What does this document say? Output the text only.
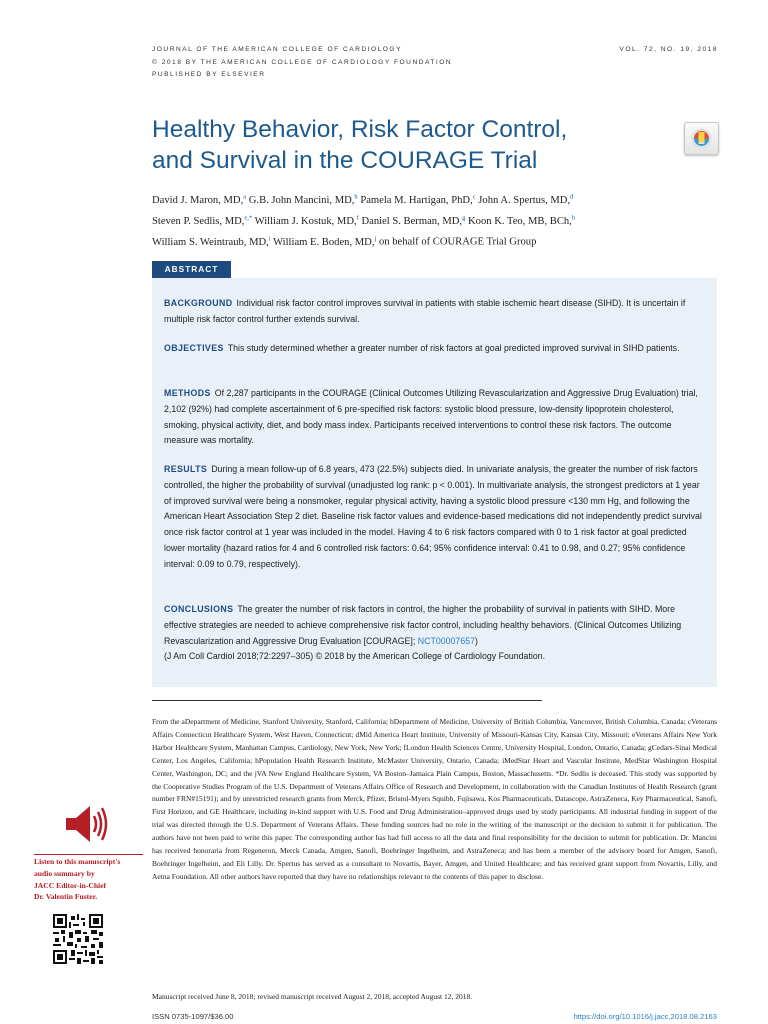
JOURNAL OF THE AMERICAN COLLEGE OF CARDIOLOGY	VOL. 72, NO. 19, 2018
© 2018 BY THE AMERICAN COLLEGE OF CARDIOLOGY FOUNDATION
PUBLISHED BY ELSEVIER
Healthy Behavior, Risk Factor Control,
and Survival in the COURAGE Trial
David J. Maron, MD,$^a$ G.B. John Mancini, MD,$^b$ Pamela M. Hartigan, PhD,$^c$ John A. Spertus, MD,$^d$
Steven P. Sedlis, MD,$^{e,*}$ William J. Kostuk, MD,$^f$ Daniel S. Berman, MD,$^g$ Koon K. Teo, MB, BCh,$^h$
William S. Weintraub, MD,$^i$ William E. Boden, MD,$^j$ on behalf of COURAGE Trial Group
ABSTRACT

BACKGROUND Individual risk factor control improves survival in patients with stable ischemic heart disease (SIHD). It is uncertain if multiple risk factor control further extends survival.

OBJECTIVES This study determined whether a greater number of risk factors at goal predicted improved survival in SIHD patients.

METHODS Of 2,287 participants in the COURAGE (Clinical Outcomes Utilizing Revascularization and Aggressive Drug Evaluation) trial, 2,102 (92%) had complete ascertainment of 6 pre-specified risk factors: systolic blood pressure, low-density lipoprotein cholesterol, smoking, physical activity, diet, and body mass index. Participants received interventions to control these risk factors. The outcome measure was mortality.

RESULTS During a mean follow-up of 6.8 years, 473 (22.5%) subjects died. In univariate analysis, the greater the number of risk factors controlled, the higher the probability of survival (unadjusted log rank: p < 0.001). In multivariate analysis, the strongest predictors at 1 year of improved survival were being a nonsmoker, regular physical activity, having a systolic blood pressure <130 mm Hg, and following the American Heart Association Step 2 diet. Baseline risk factor values and evidence-based medications did not independently predict survival once risk factor control at 1 year was included in the model. Having 4 to 6 risk factors compared with 0 to 1 risk factor at goal predicted lower mortality (hazard ratios for 4 and 6 controlled risk factors: 0.64; 95% confidence interval: 0.41 to 0.98, and 0.27; 95% confidence interval: 0.09 to 0.79, respectively).

CONCLUSIONS The greater the number of risk factors in control, the higher the probability of survival in patients with SIHD. More effective strategies are needed to achieve comprehensive risk factor control, including healthy behaviors. (Clinical Outcomes Utilizing Revascularization and Aggressive Drug Evaluation [COURAGE]; NCT00007657)
(J Am Coll Cardiol 2018;72:2297–305) © 2018 by the American College of Cardiology Foundation.

Listen to this manuscript's
audio summary by
JACC Editor-in-Chief
Dr. Valentin Fuster.

From the aDepartment of Medicine, Stanford University, Stanford, California; bDepartment of Medicine, University of British Columbia, Vancouver, British Columbia, Canada; cVeterans Affairs Connecticut Healthcare System, West Haven, Connecticut; dMid America Heart Institute, University of Missouri-Kansas City, Kansas City, Missouri; eVeterans Affairs New York Harbor Healthcare System, Manhattan Campus, Cardiology, New York, New York; fLondon Health Sciences Centre, University Hospital, London, Ontario, Canada; gCedars-Sinai Medical Center, Los Angeles, California; hPopulation Health Research Institute, McMaster University, Ontario, Canada; iMedStar Heart and Vascular Institute, MedStar Washington Hospital Center, Washington, DC; and the jVA New England Healthcare System, VA Boston–Jamaica Plain Campus, Boston, Massachusetts. *Dr. Sedlis is deceased. This study was supported by the Cooperative Studies Program of the U.S. Department of Veterans Affairs Office of Research and Development, in collaboration with the Canadian Institutes of Health Research (grant number FRN#15191); and by unrestricted research grants from Merck, Pfizer, Bristol-Myers Squibb, Fujisawa, Kos Pharmaceuticals, Datascope, AstraZeneca, Key Pharmaceutical, Sanofi, First Horizon, and GE Healthcare, including in-kind support with U.S. Food and Drug Administration–approved drugs used by study participants. All industrial funding in support of the trial was directed through the U.S. Department of Veterans Affairs. These funding sources had no role in the writing of the manuscript or the decision to submit it for publication. The authors have not been paid to write this paper. The corresponding author has had full access to all the data and final responsibility for the decision to submit for publication. Dr. Mancini has received honoraria from Regeneron, Merck Canada, Amgen, Sanofi, Boehringer Ingelheim, and AstraZeneca; and has been a member of the advisory board for Amgen, Sanofi, Boehringer Ingelheim, and Eli Lilly. Dr. Spertus has served as a consultant to Novartis, Bayer, Amgen, and United Healthcare; and has received grant support from Novartis, Lilly, and Aetna Foundation. All other authors have reported that they have no relationships relevant to the contents of this paper to disclose.

Manuscript received June 8, 2018; revised manuscript received August 2, 2018, accepted August 12, 2018.
ISSN 0735-1097/$36.00	https://doi.org/10.1016/j.jacc.2018.08.2163
